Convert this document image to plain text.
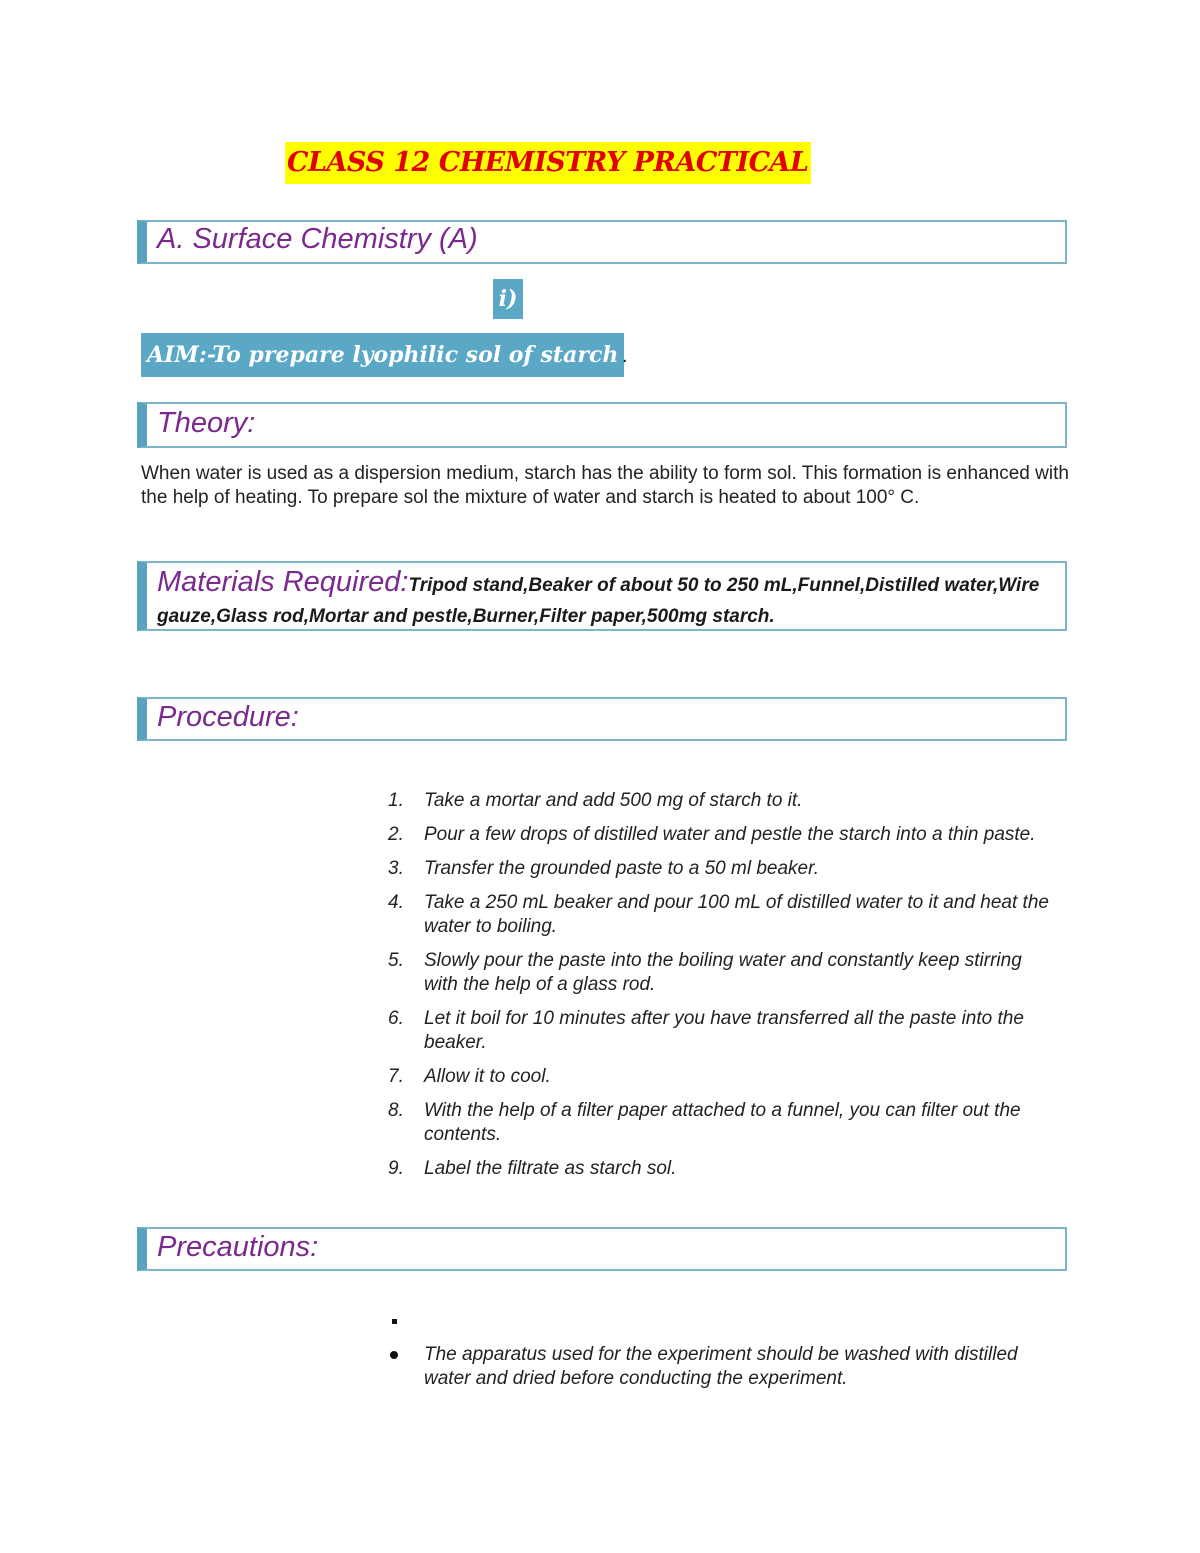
CLASS 12 CHEMISTRY PRACTICAL
A. Surface Chemistry (A)
i)
AIM:-To prepare lyophilic sol of starch .
Theory:
When water is used as a dispersion medium, starch has the ability to form sol. This formation is enhanced with the help of heating. To prepare sol the mixture of water and starch is heated to about 100° C.
Materials Required:Tripod stand,Beaker of about 50 to 250 mL,Funnel,Distilled water,Wire gauze,Glass rod,Mortar and pestle,Burner,Filter paper,500mg starch.
Procedure:
1. Take a mortar and add 500 mg of starch to it.
2. Pour a few drops of distilled water and pestle the starch into a thin paste.
3. Transfer the grounded paste to a 50 ml beaker.
4. Take a 250 mL beaker and pour 100 mL of distilled water to it and heat the water to boiling.
5. Slowly pour the paste into the boiling water and constantly keep stirring with the help of a glass rod.
6. Let it boil for 10 minutes after you have transferred all the paste into the beaker.
7. Allow it to cool.
8. With the help of a filter paper attached to a funnel, you can filter out the contents.
9. Label the filtrate as starch sol.
Precautions:
The apparatus used for the experiment should be washed with distilled water and dried before conducting the experiment.
